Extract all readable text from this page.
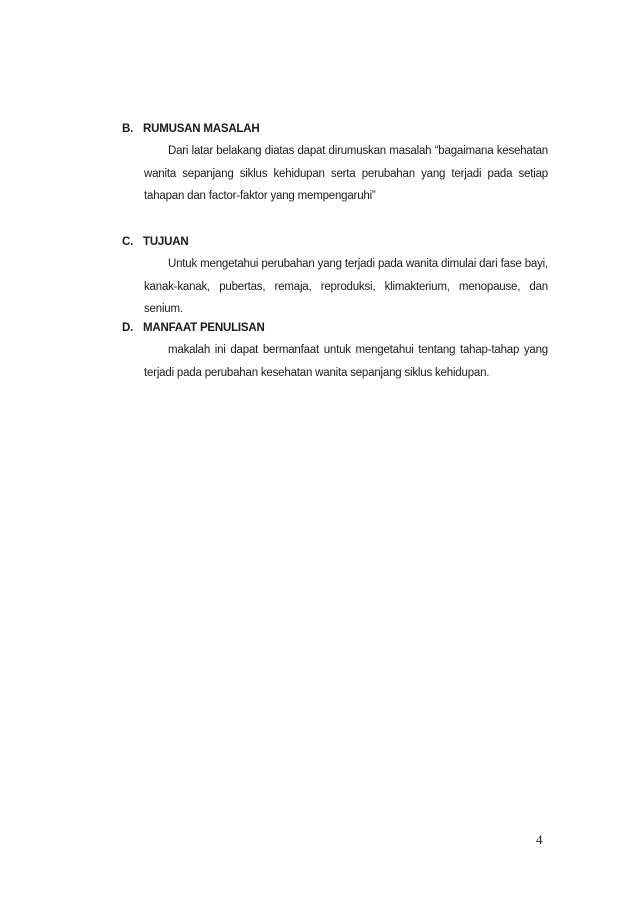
B. RUMUSAN MASALAH

Dari latar belakang diatas dapat dirumuskan masalah “bagaimana kesehatan wanita sepanjang siklus kehidupan serta perubahan yang terjadi pada setiap tahapan dan factor-faktor yang mempengaruhi”

C. TUJUAN

Untuk mengetahui perubahan yang terjadi pada wanita dimulai dari fase bayi, kanak-kanak, pubertas, remaja, reproduksi, klimakterium, menopause, dan senium.

D. MANFAAT PENULISAN

makalah ini dapat bermanfaat untuk mengetahui tentang tahap-tahap yang terjadi pada perubahan kesehatan wanita sepanjang siklus kehidupan.

4
